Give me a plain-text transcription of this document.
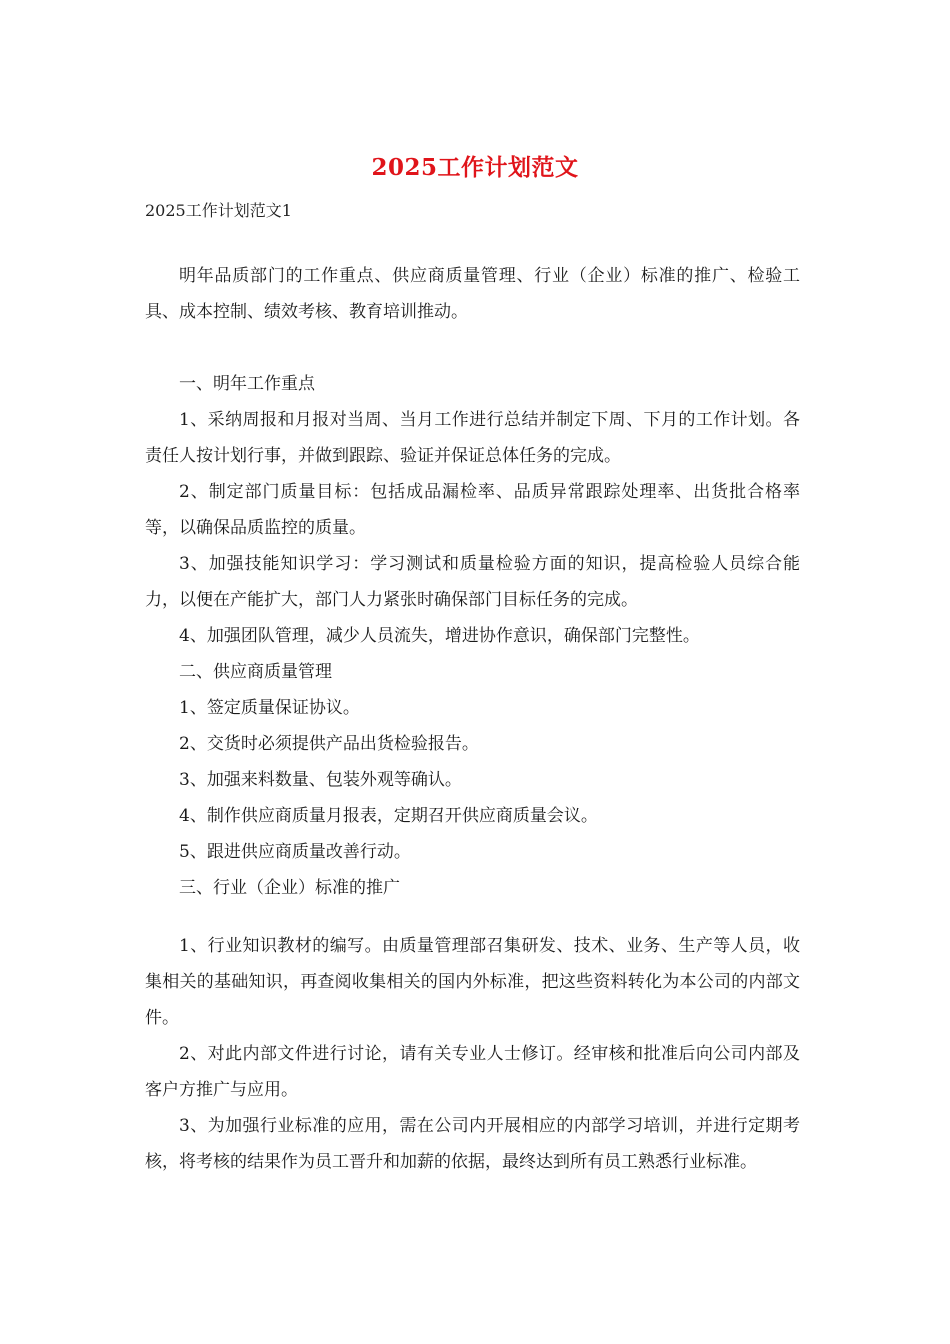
2025工作计划范文
2025工作计划范文1

明年品质部门的工作重点、供应商质量管理、行业（企业）标准的推广、检验工具、成本控制、绩效考核、教育培训推动。

一、明年工作重点

1、采纳周报和月报对当周、当月工作进行总结并制定下周、下月的工作计划。各责任人按计划行事，并做到跟踪、验证并保证总体任务的完成。

2、制定部门质量目标：包括成品漏检率、品质异常跟踪处理率、出货批合格率等，以确保品质监控的质量。

3、加强技能知识学习：学习测试和质量检验方面的知识，提高检验人员综合能力，以便在产能扩大，部门人力紧张时确保部门目标任务的完成。

4、加强团队管理，减少人员流失，增进协作意识，确保部门完整性。

二、供应商质量管理

1、签定质量保证协议。

2、交货时必须提供产品出货检验报告。

3、加强来料数量、包装外观等确认。

4、制作供应商质量月报表，定期召开供应商质量会议。

5、跟进供应商质量改善行动。

三、行业（企业）标准的推广

1、行业知识教材的编写。由质量管理部召集研发、技术、业务、生产等人员，收集相关的基础知识，再查阅收集相关的国内外标准，把这些资料转化为本公司的内部文件。

2、对此内部文件进行讨论，请有关专业人士修订。经审核和批准后向公司内部及客户方推广与应用。

3、为加强行业标准的应用，需在公司内开展相应的内部学习培训，并进行定期考核，将考核的结果作为员工晋升和加薪的依据，最终达到所有员工熟悉行业标准。
